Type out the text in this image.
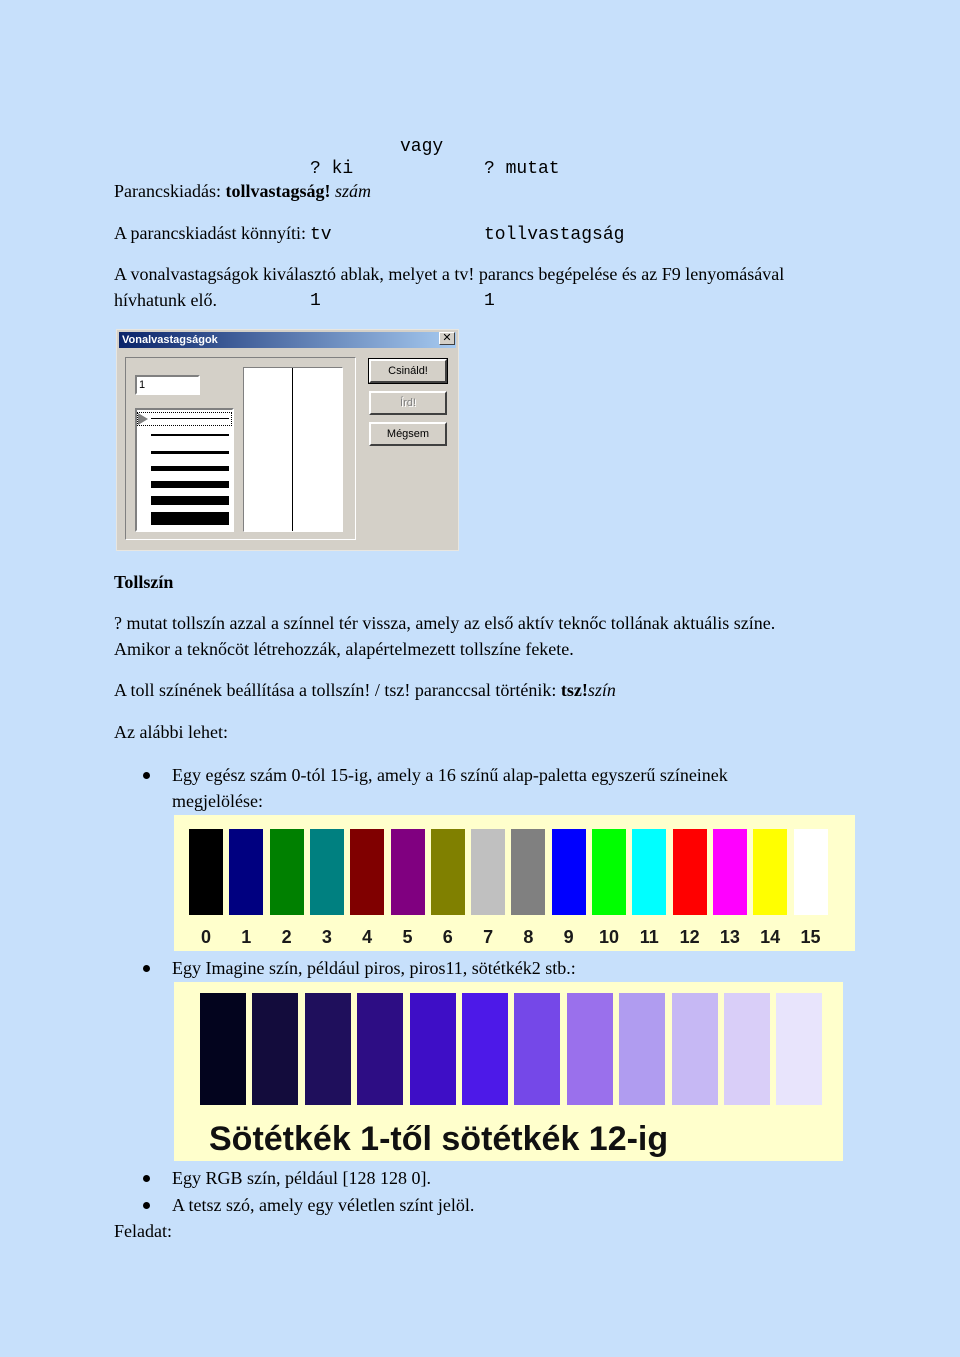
? ki

tv

1

vagy

? mutat

tollvastagság

1

Parancskiadás: tollvastagság! szám
A parancskiadást könnyíti:
A vonalvastagságok kiválasztó ablak, melyet a tv! parancs begépelése és az F9 lenyomásával
hívhatunk elő.
Vonalvastagságok	✕
1
Csináld!
Írd!
Mégsem
Tollszín
? mutat tollszín azzal a színnel tér vissza, amely az első aktív teknőc tollának aktuális színe.
Amikor a teknőcöt létrehozzák, alapértelmezett tollszíne fekete.
A toll színének beállítása a tollszín! / tsz! paranccsal történik: tsz!szín
Az alábbi lehet:
Egy egész szám 0-tól 15-ig, amely a 16 színű alap-paletta egyszerű színeinek
megjelölése:
0	1	2	3	4	5	6	7	8	9	10	11	12	13	14	15
Egy Imagine szín, például piros, piros11, sötétkék2 stb.:
Sötétkék 1-től sötétkék 12-ig
Egy RGB szín, például [128 128 0].
A tetsz szó, amely egy véletlen színt jelöl.
Feladat:
